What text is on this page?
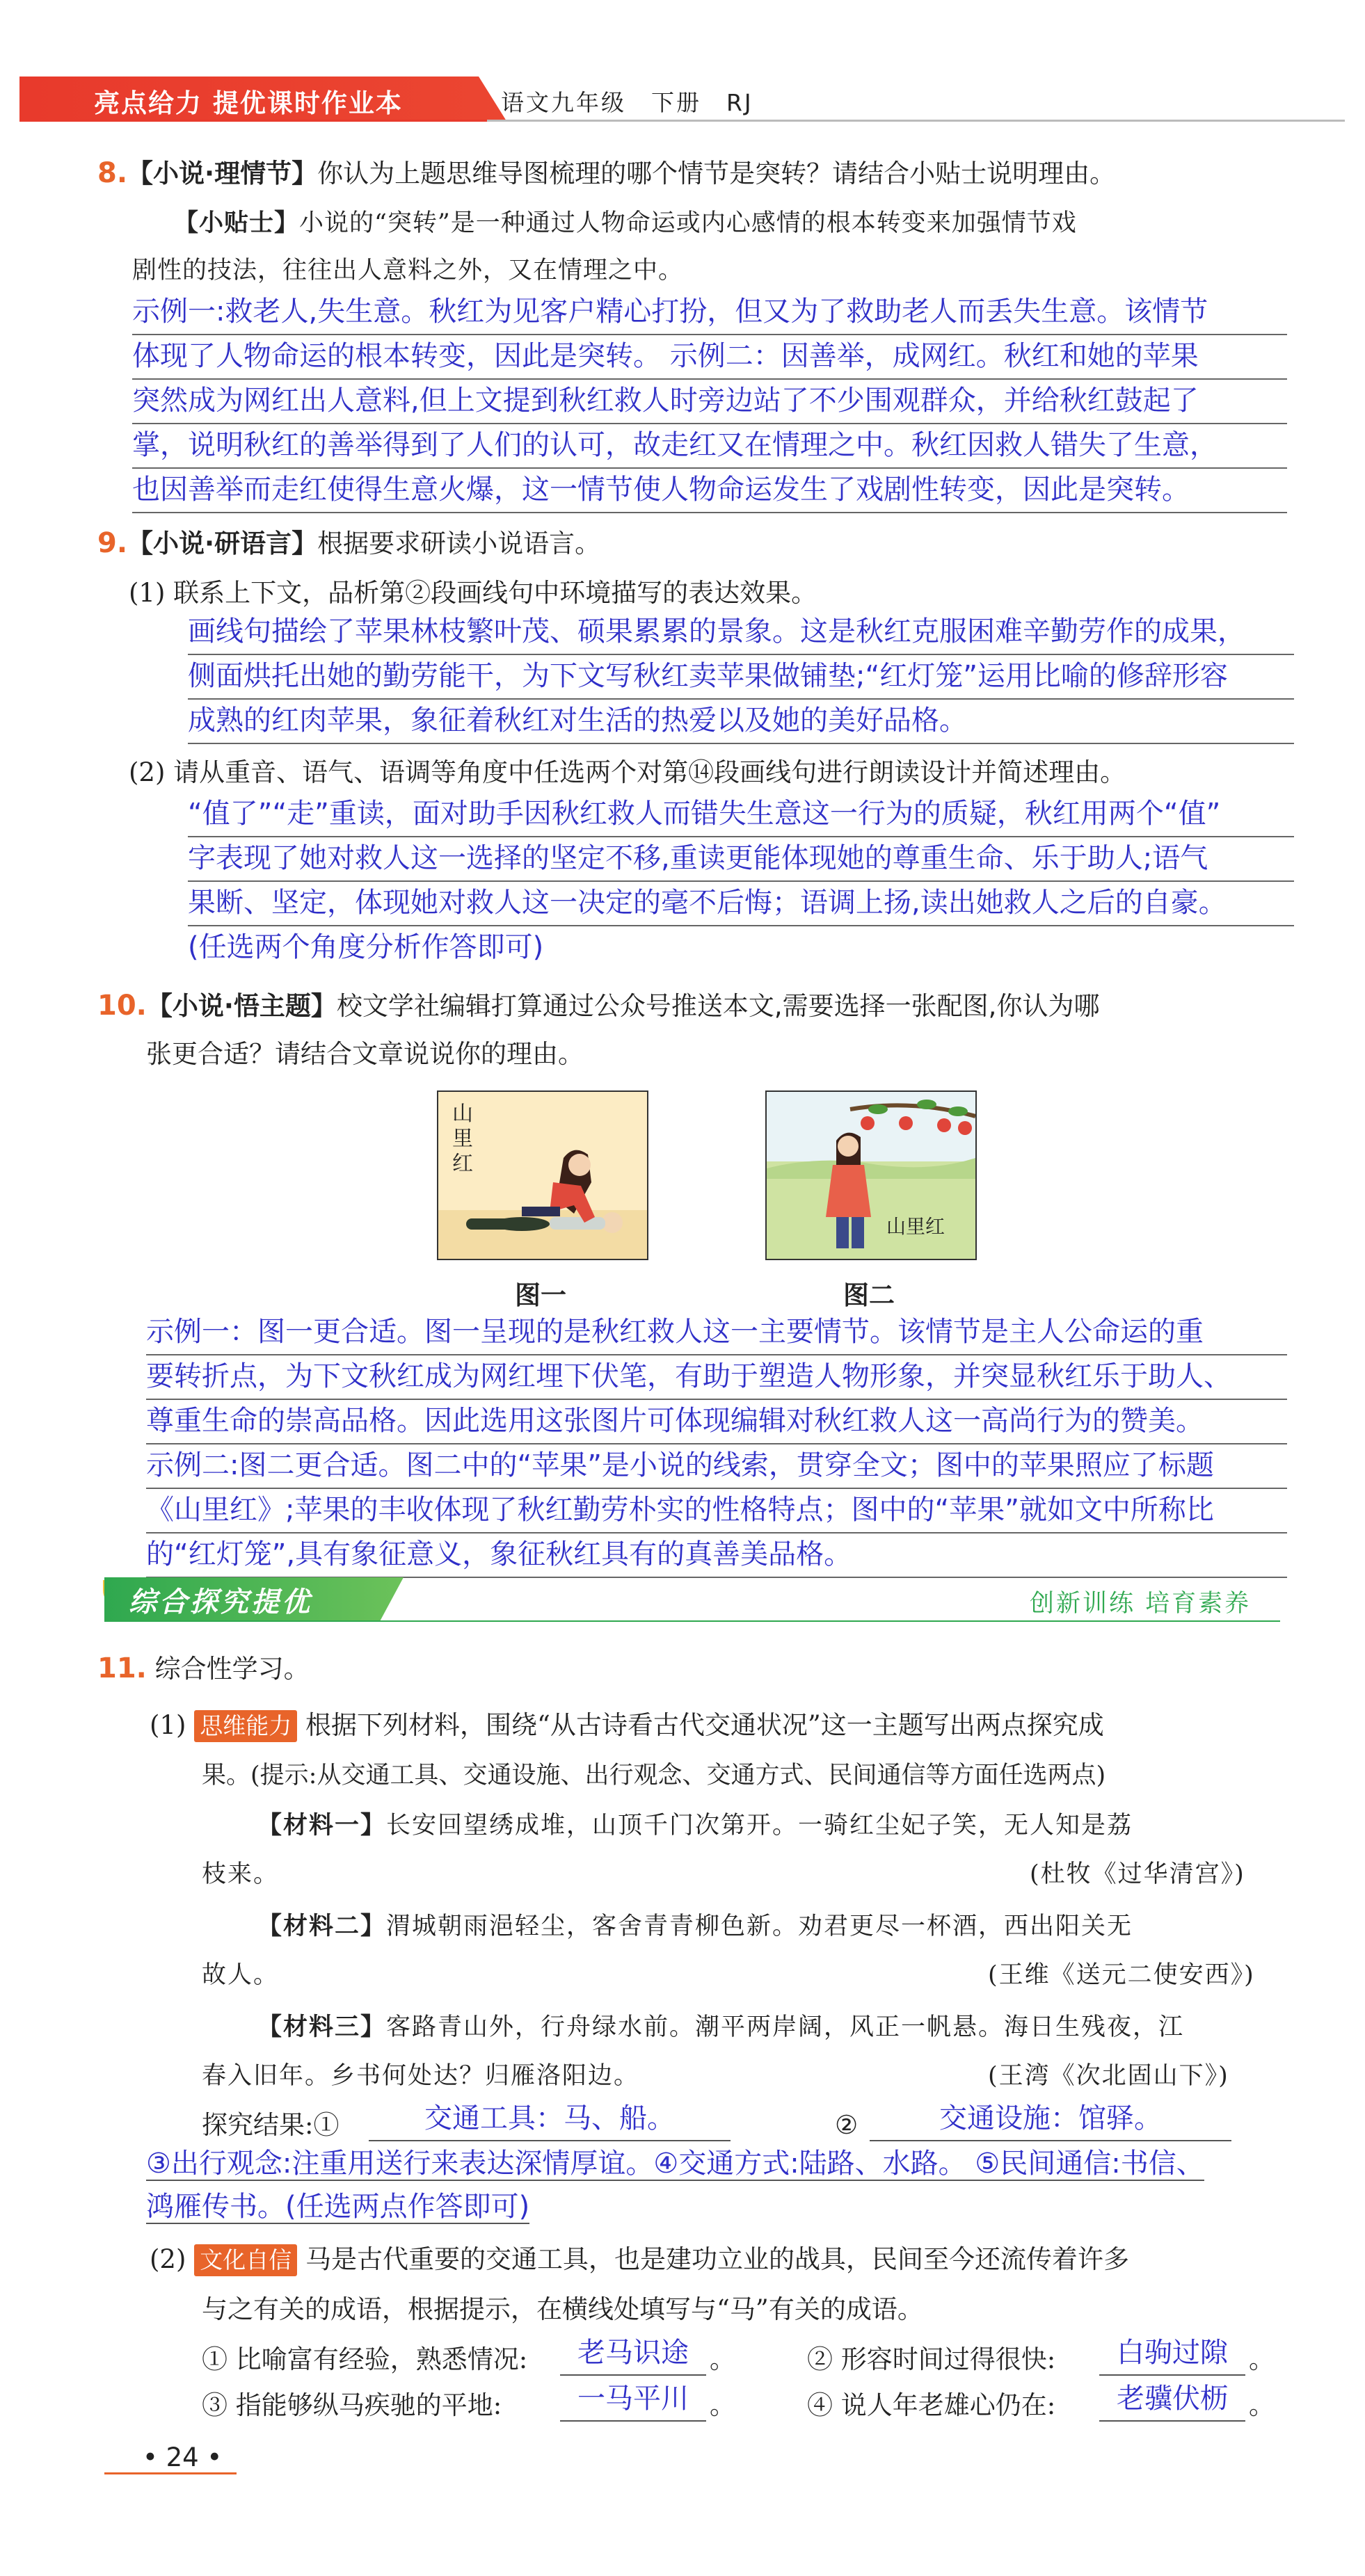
亮点给力 提优课时作业本	语文九年级　下册　RJ
8.【小说·理情节】你认为上题思维导图梳理的哪个情节是突转？请结合小贴士说明理由。
【小贴士】小说的“突转”是一种通过人物命运或内心感情的根本转变来加强情节戏
剧性的技法，往往出人意料之外，又在情理之中。
示例一:救老人,失生意。秋红为见客户精心打扮，但又为了救助老人而丢失生意。该情节
体现了人物命运的根本转变，因此是突转。 示例二：因善举，成网红。秋红和她的苹果
突然成为网红出人意料,但上文提到秋红救人时旁边站了不少围观群众，并给秋红鼓起了
掌，说明秋红的善举得到了人们的认可，故走红又在情理之中。秋红因救人错失了生意，
也因善举而走红使得生意火爆，这一情节使人物命运发生了戏剧性转变，因此是突转。
9.【小说·研语言】根据要求研读小说语言。
(1) 联系上下文，品析第②段画线句中环境描写的表达效果。
画线句描绘了苹果林枝繁叶茂、硕果累累的景象。这是秋红克服困难辛勤劳作的成果，
侧面烘托出她的勤劳能干，为下文写秋红卖苹果做铺垫;“红灯笼”运用比喻的修辞形容
成熟的红肉苹果，象征着秋红对生活的热爱以及她的美好品格。
(2) 请从重音、语气、语调等角度中任选两个对第⑭段画线句进行朗读设计并简述理由。
“值了”“走”重读，面对助手因秋红救人而错失生意这一行为的质疑，秋红用两个“值”
字表现了她对救人这一选择的坚定不移,重读更能体现她的尊重生命、乐于助人;语气
果断、坚定，体现她对救人这一决定的毫不后悔；语调上扬,读出她救人之后的自豪。
(任选两个角度分析作答即可)
10.【小说·悟主题】校文学社编辑打算通过公众号推送本文,需要选择一张配图,你认为哪
张更合适？请结合文章说说你的理由。
山里红
图一
山里红
图二
示例一：图一更合适。图一呈现的是秋红救人这一主要情节。该情节是主人公命运的重
要转折点，为下文秋红成为网红埋下伏笔，有助于塑造人物形象，并突显秋红乐于助人、
尊重生命的崇高品格。因此选用这张图片可体现编辑对秋红救人这一高尚行为的赞美。
示例二:图二更合适。图二中的“苹果”是小说的线索，贯穿全文；图中的苹果照应了标题
《山里红》;苹果的丰收体现了秋红勤劳朴实的性格特点；图中的“苹果”就如文中所称比
的“红灯笼”,具有象征意义，象征秋红具有的真善美品格。
综合探究提优	创新训练 培育素养
11. 综合性学习。
(1) 思维能力 根据下列材料，围绕“从古诗看古代交通状况”这一主题写出两点探究成
果。(提示:从交通工具、交通设施、出行观念、交通方式、民间通信等方面任选两点)
【材料一】长安回望绣成堆，山顶千门次第开。一骑红尘妃子笑，无人知是荔
枝来。	(杜牧《过华清宫》)
【材料二】渭城朝雨浥轻尘，客舍青青柳色新。劝君更尽一杯酒，西出阳关无
故人。	(王维《送元二使安西》)
【材料三】客路青山外，行舟绿水前。潮平两岸阔，风正一帆悬。海日生残夜，江
春入旧年。乡书何处达？归雁洛阳边。	(王湾《次北固山下》)
探究结果:①	交通工具：马、船。	②	交通设施：馆驿。
③出行观念:注重用送行来表达深情厚谊。④交通方式:陆路、水路。 ⑤民间通信:书信、
鸿雁传书。(任选两点作答即可)
(2) 文化自信 马是古代重要的交通工具，也是建功立业的战具，民间至今还流传着许多
与之有关的成语，根据提示，在横线处填写与“马”有关的成语。
① 比喻富有经验，熟悉情况:	老马识途 。	② 形容时间过得很快:	白驹过隙 。
③ 指能够纵马疾驰的平地:	一马平川 。	④ 说人年老雄心仍在:	老骥伏枥 。
• 24 •
